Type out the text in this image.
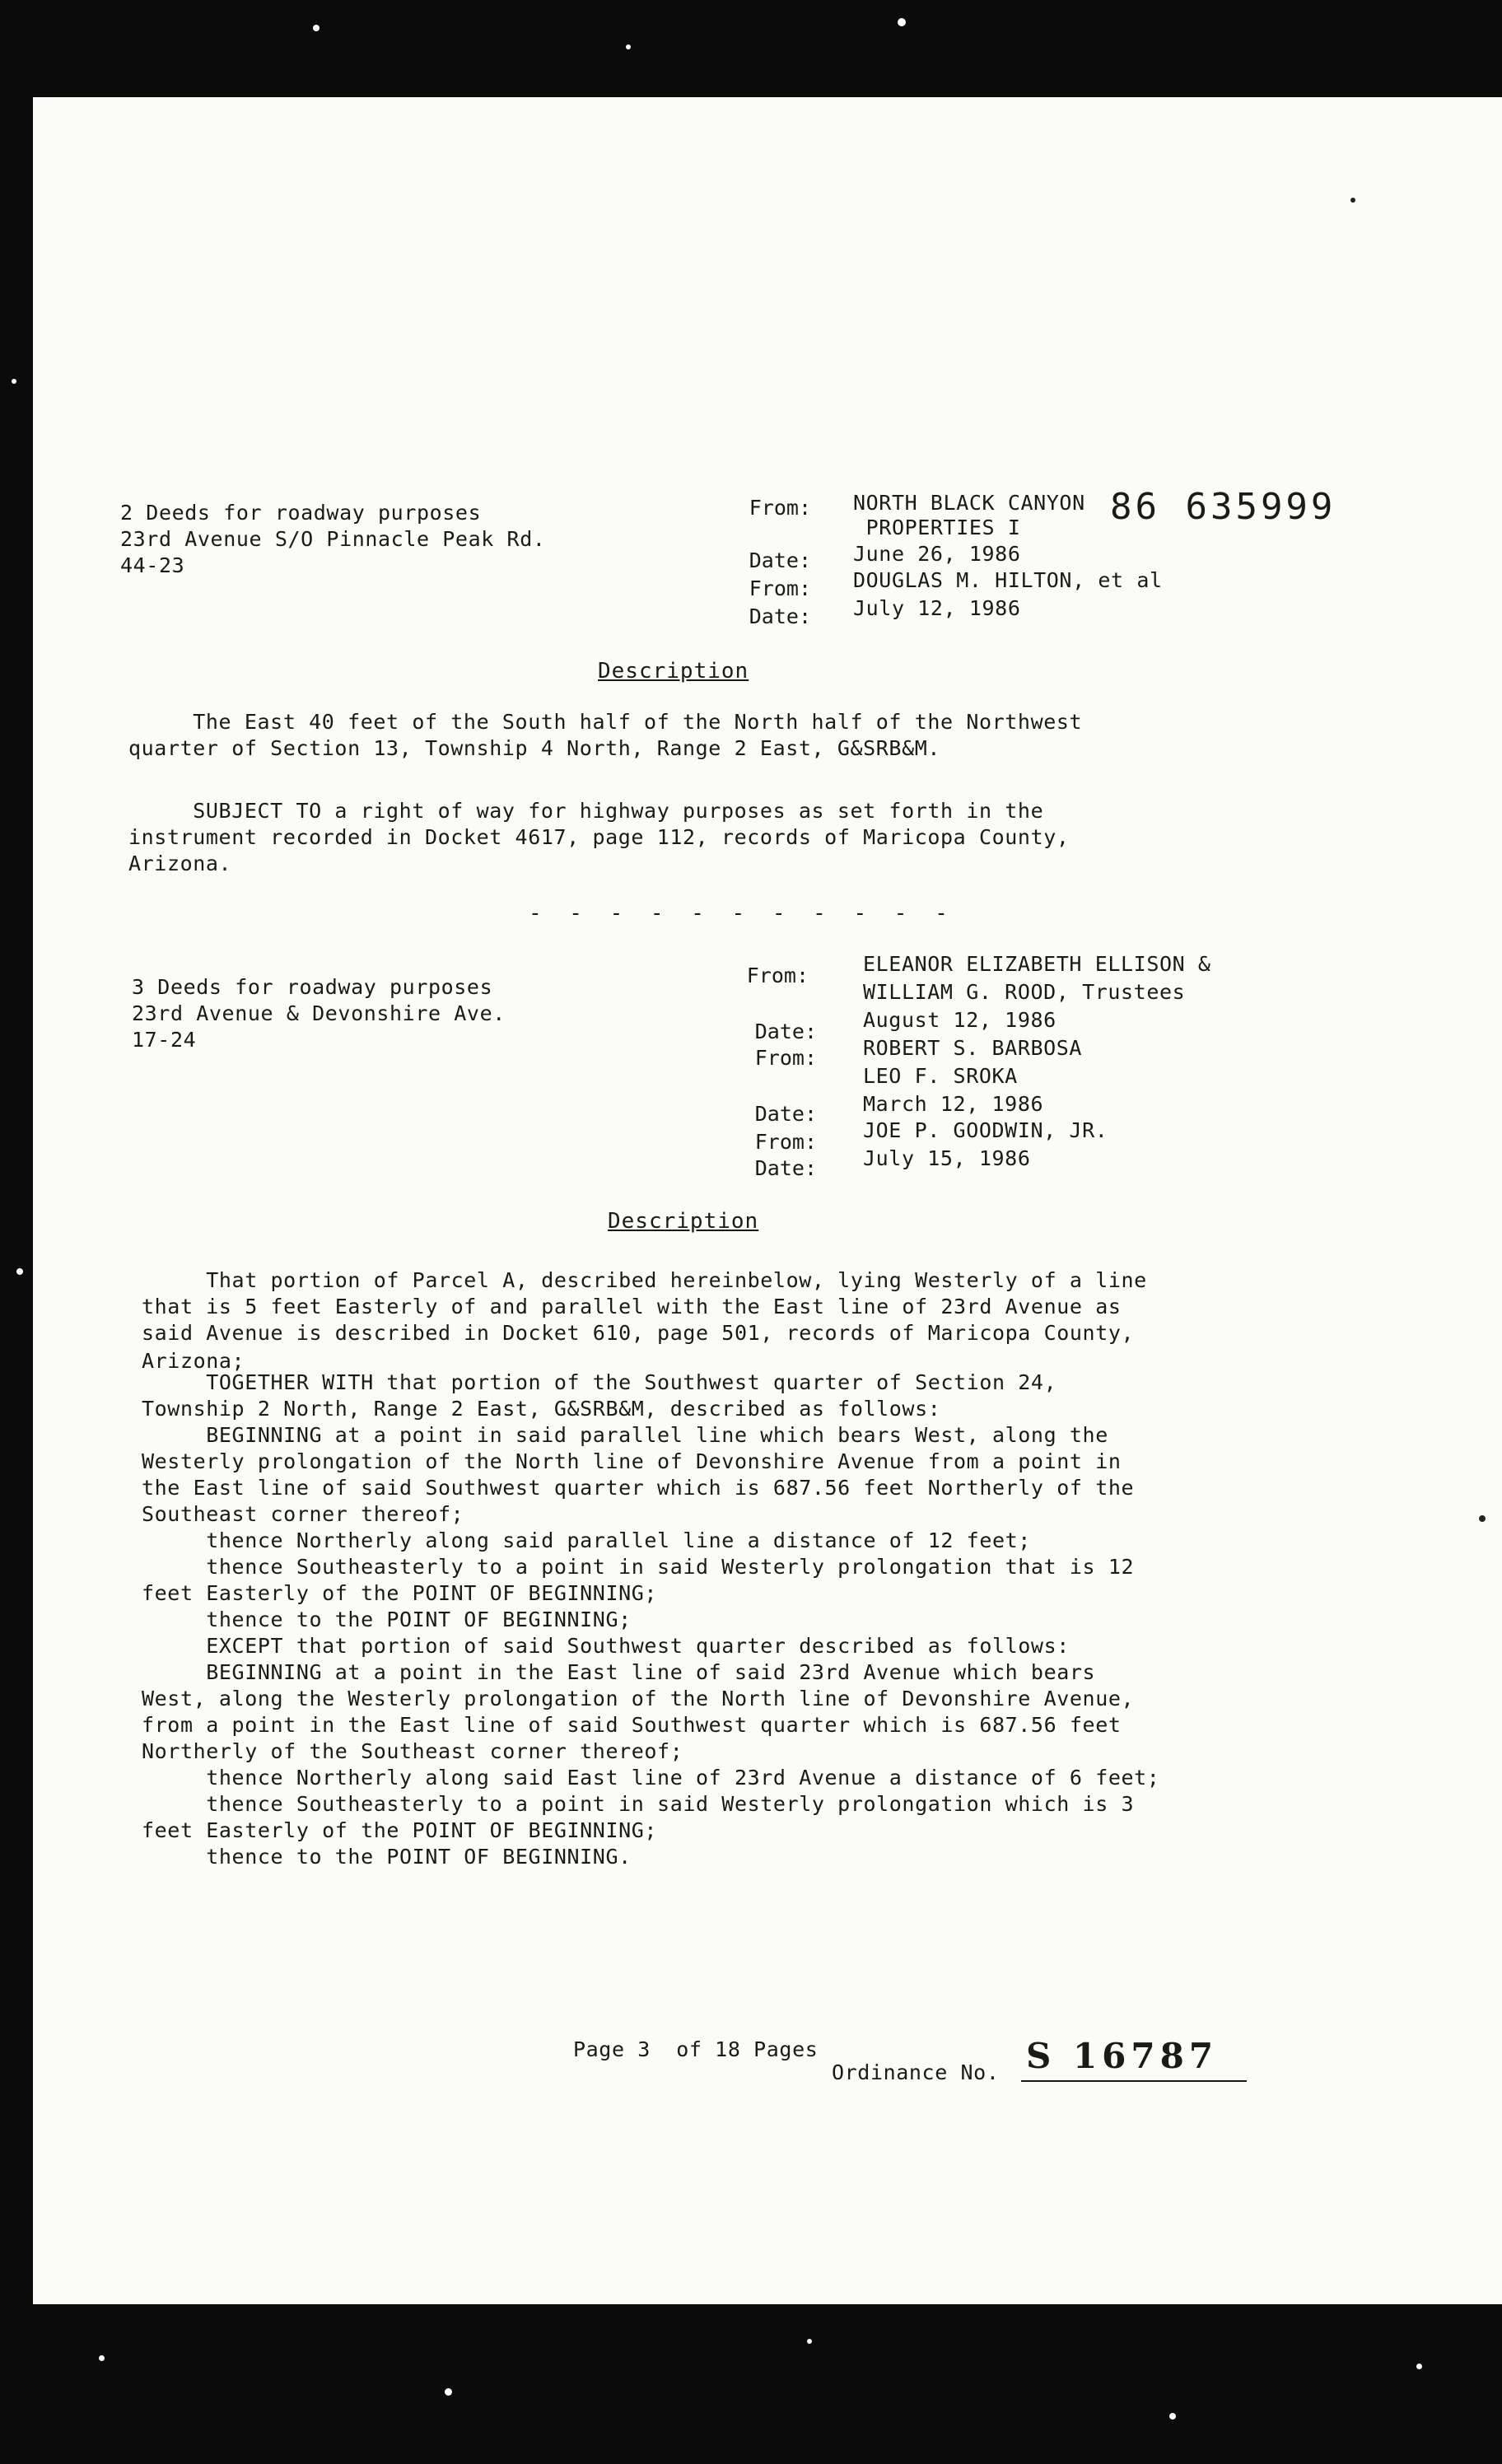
2 Deeds for roadway purposes
23rd Avenue S/O Pinnacle Peak Rd.
44-23
From: NORTH BLACK CANYON
PROPERTIES I
Date: June 26, 1986
From: DOUGLAS M. HILTON, et al
Date: July 12, 1986
86 635999
Description
The East 40 feet of the South half of the North half of the Northwest
quarter of Section 13, Township 4 North, Range 2 East, G&SRB&M.
SUBJECT TO a right of way for highway purposes as set forth in the
instrument recorded in Docket 4617, page 112, records of Maricopa County,
Arizona.
- - - - - - - - - - -
3 Deeds for roadway purposes
23rd Avenue & Devonshire Ave.
17-24
From:	ELEANOR ELIZABETH ELLISON &
WILLIAM G. ROOD, Trustees
Date: August 12, 1986
From: ROBERT S. BARBOSA
LEO F. SROKA
Date: March 12, 1986
From: JOE P. GOODWIN, JR.
Date: July 15, 1986
Description
That portion of Parcel A, described hereinbelow, lying Westerly of a line
that is 5 feet Easterly of and parallel with the East line of 23rd Avenue as
said Avenue is described in Docket 610, page 501, records of Maricopa County,
Arizona;
TOGETHER WITH that portion of the Southwest quarter of Section 24,
Township 2 North, Range 2 East, G&SRB&M, described as follows:
BEGINNING at a point in said parallel line which bears West, along the
Westerly prolongation of the North line of Devonshire Avenue from a point in
the East line of said Southwest quarter which is 687.56 feet Northerly of the
Southeast corner thereof;
thence Northerly along said parallel line a distance of 12 feet;
thence Southeasterly to a point in said Westerly prolongation that is 12
feet Easterly of the POINT OF BEGINNING;
thence to the POINT OF BEGINNING;
EXCEPT that portion of said Southwest quarter described as follows:
BEGINNING at a point in the East line of said 23rd Avenue which bears
West, along the Westerly prolongation of the North line of Devonshire Avenue,
from a point in the East line of said Southwest quarter which is 687.56 feet
Northerly of the Southeast corner thereof;
thence Northerly along said East line of 23rd Avenue a distance of 6 feet;
thence Southeasterly to a point in said Westerly prolongation which is 3
feet Easterly of the POINT OF BEGINNING;
thence to the POINT OF BEGINNING.
Page 3  of 18 Pages
Ordinance No. S 16787
